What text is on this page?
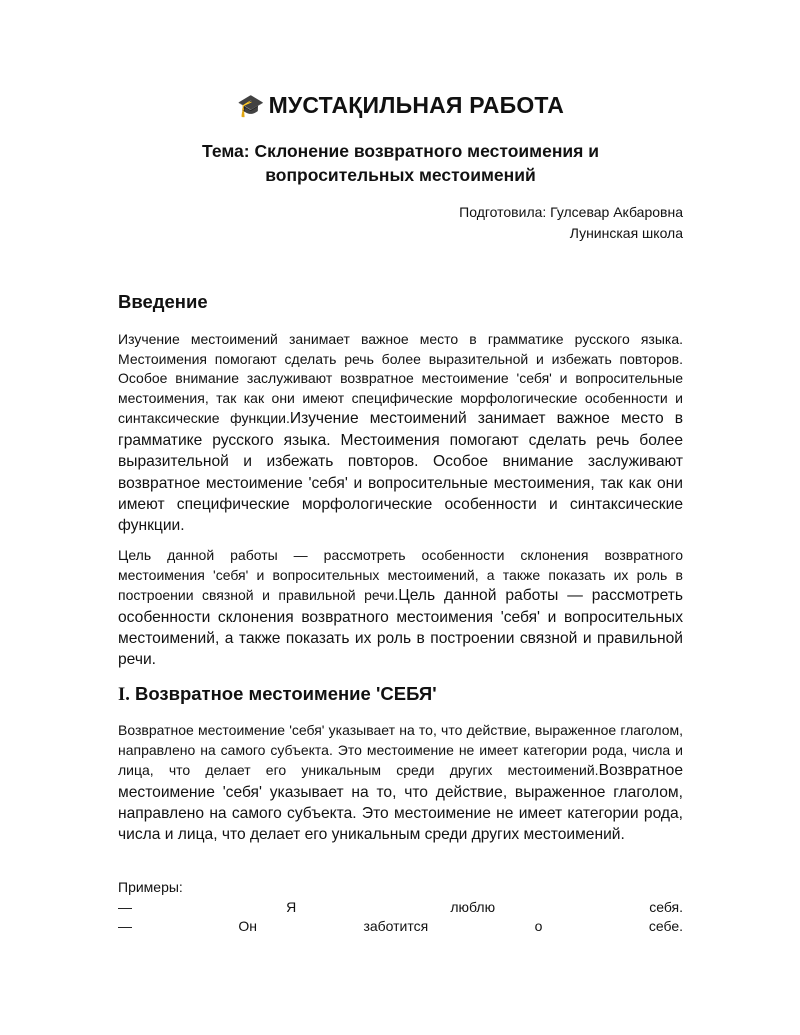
🎓 МУСТАҚИЛЬНАЯ РАБОТА
Тема: Склонение возвратного местоимения и
вопросительных местоимений
Подготовила: Гулсевар Акбаровна
Лунинская школа
Введение

Изучение местоимений занимает важное место в грамматике русского языка. Местоимения помогают сделать речь более выразительной и избежать повторов. Особое внимание заслуживают возвратное местоимение 'себя' и вопросительные местоимения, так как они имеют специфические морфологические особенности и синтаксические функции.Изучение местоимений занимает важное место в грамматике русского языка. Местоимения помогают сделать речь более выразительной и избежать повторов. Особое внимание заслуживают возвратное местоимение 'себя' и вопросительные местоимения, так как они имеют специфические морфологические особенности и синтаксические функции.

Цель данной работы — рассмотреть особенности склонения возвратного местоимения 'себя' и вопросительных местоимений, а также показать их роль в построении связной и правильной речи.Цель данной работы — рассмотреть особенности склонения возвратного местоимения 'себя' и вопросительных местоимений, а также показать их роль в построении связной и правильной речи.

I. Возвратное местоимение 'СЕБЯ'

Возвратное местоимение 'себя' указывает на то, что действие, выраженное глаголом, направлено на самого субъекта. Это местоимение не имеет категории рода, числа и лица, что делает его уникальным среди других местоимений.Возвратное местоимение 'себя' указывает на то, что действие, выраженное глаголом, направлено на самого субъекта. Это местоимение не имеет категории рода, числа и лица, что делает его уникальным среди других местоимений.

Примеры:
—	Я	люблю	себя.
—	Он	заботится	о	себе.
